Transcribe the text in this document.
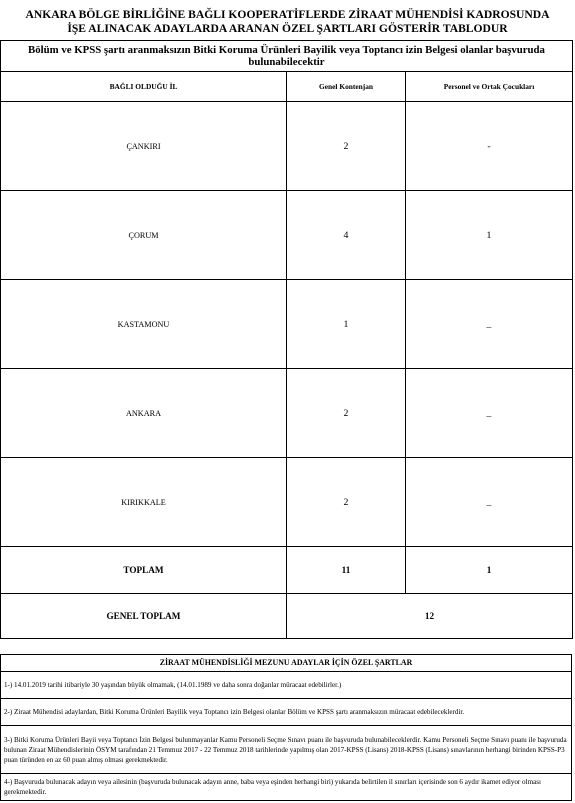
ANKARA BÖLGE BİRLİĞİNE BAĞLI KOOPERATİFLERDE ZİRAAT MÜHENDİSİ KADROSUNDA İŞE ALINACAK ADAYLARDA ARANAN ÖZEL ŞARTLARI GÖSTERİR TABLODUR
Bölüm ve KPSS şartı aranmaksızın Bitki Koruma Ürünleri Bayilik veya Toptancı izin Belgesi olanlar başvuruda bulunabilecektir		
BAĞLI OLDUĞU İL	Genel Kontenjan	Personel ve Ortak Çocukları
ÇANKIRI	2	-
ÇORUM	4	1
KASTAMONU	1	_
ANKARA	2	_
KIRIKKALE	2	_
TOPLAM	11	1
GENEL TOPLAM	12	
ZİRAAT MÜHENDİSLİĞİ MEZUNU ADAYLAR İÇİN ÖZEL ŞARTLAR
1-) 14.01.2019 tarihi itibariyle 30 yaşından büyük olmamak, (14.01.1989 ve daha sonra doğanlar müracaat edebilirler.)
2-) Ziraat Mühendisi adaylardan, Bitki Koruma Ürünleri Bayilik veya Toptancı izin Belgesi olanlar Bölüm ve KPSS şartı aranmaksızın müracaat edebileceklerdir.
3-) Bitki Koruma Ürünleri Bayii veya Toptancı İzin Belgesi bulunmayanlar Kamu Personeli Seçme Sınavı puanı ile başvuruda bulunabileceklerdir. Kamu Personeli Seçme Sınavı puanı ile başvuruda bulunan Ziraat Mühendislerinin ÖSYM tarafından 21 Temmuz 2017 - 22 Temmuz 2018 tarihlerinde yapılmış olan 2017-KPSS (Lisans) 2018-KPSS (Lisans) sınavlarının herhangi birinden KPSS-P3 puan türünden en az 60 puan almış olması gerekmektedir.
4-) Başvuruda bulunacak adayın veya ailesinin (başvuruda bulunacak adayın anne, baba veya eşinden herhangi biri) yukarıda belirtilen il sınırları içerisinde son 6 aydır ikamet ediyor olması gerekmektedir.
